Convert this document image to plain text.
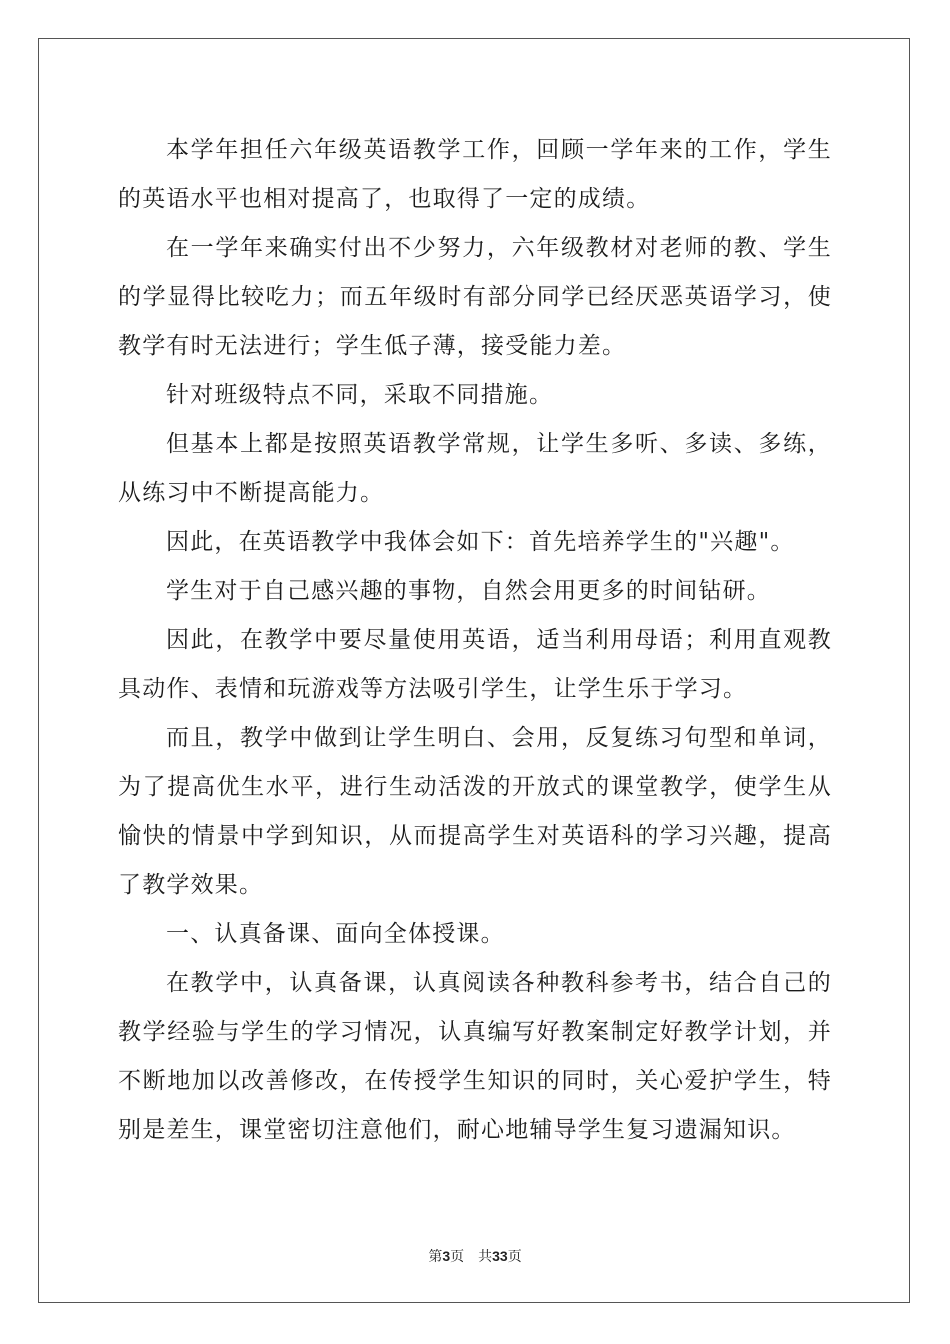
本学年担任六年级英语教学工作，回顾一学年来的工作，学生的英语水平也相对提高了，也取得了一定的成绩。

在一学年来确实付出不少努力，六年级教材对老师的教、学生的学显得比较吃力；而五年级时有部分同学已经厌恶英语学习，使教学有时无法进行；学生低子薄，接受能力差。

针对班级特点不同，采取不同措施。

但基本上都是按照英语教学常规，让学生多听、多读、多练，从练习中不断提高能力。

因此，在英语教学中我体会如下：首先培养学生的"兴趣"。

学生对于自己感兴趣的事物，自然会用更多的时间钻研。

因此，在教学中要尽量使用英语，适当利用母语；利用直观教具动作、表情和玩游戏等方法吸引学生，让学生乐于学习。

而且，教学中做到让学生明白、会用，反复练习句型和单词，为了提高优生水平，进行生动活泼的开放式的课堂教学，使学生从愉快的情景中学到知识，从而提高学生对英语科的学习兴趣，提高了教学效果。

一、认真备课、面向全体授课。

在教学中，认真备课，认真阅读各种教科参考书，结合自己的教学经验与学生的学习情况，认真编写好教案制定好教学计划，并不断地加以改善修改，在传授学生知识的同时，关心爱护学生，特别是差生，课堂密切注意他们，耐心地辅导学生复习遗漏知识。

第3页 共33页
